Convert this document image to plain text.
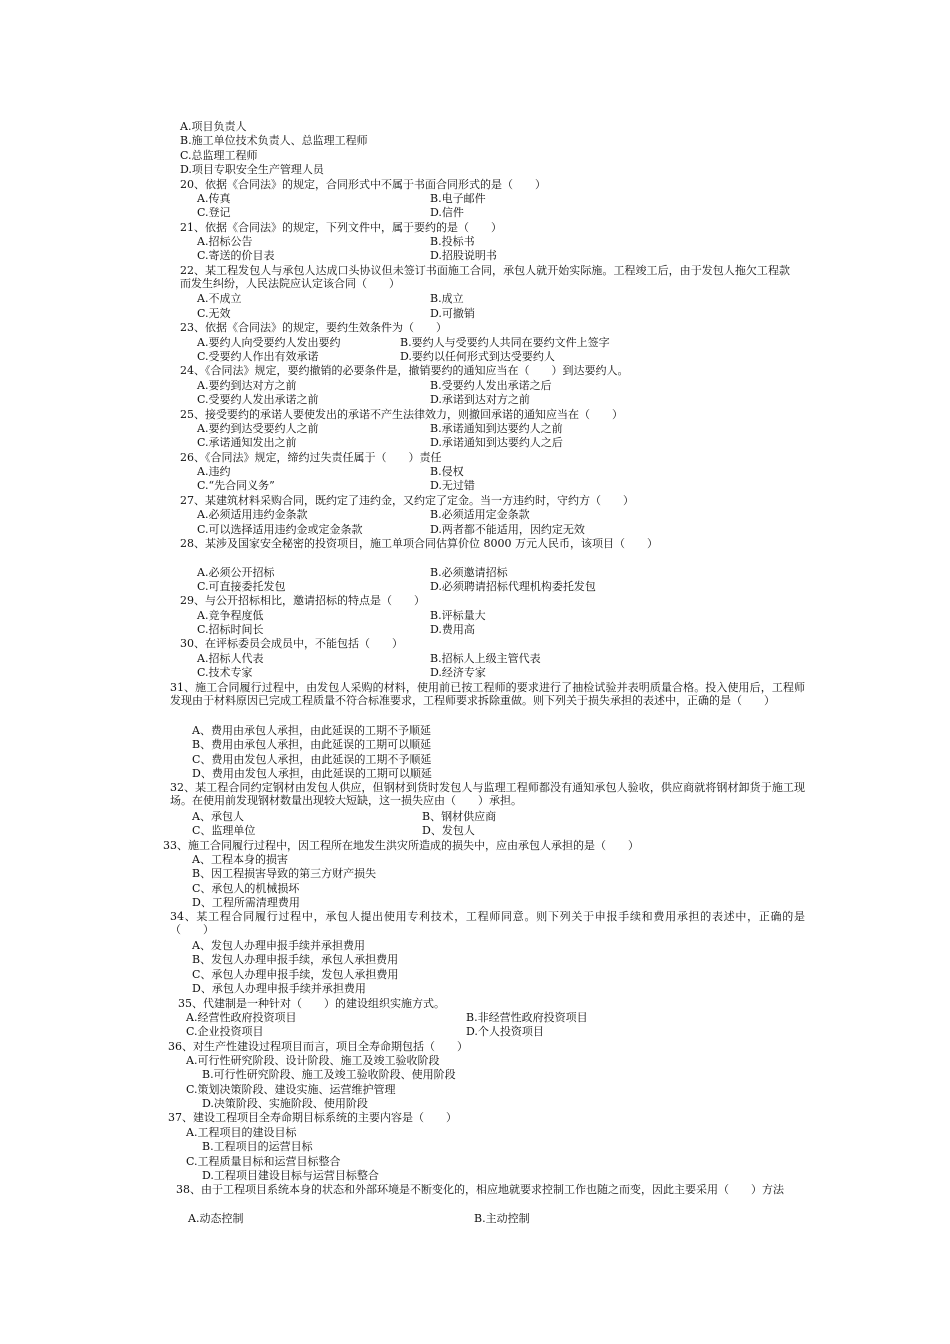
A.项目负责人
B.施工单位技术负责人、总监理工程师
C.总监理工程师
D.项目专职安全生产管理人员
20、依据《合同法》的规定，合同形式中不属于书面合同形式的是（　　）
A.传真	B.电子邮件
C.登记	D.信件
21、依据《合同法》的规定，下列文件中，属于要约的是（　　）
A.招标公告	B.投标书
C.寄送的价目表	D.招股说明书
22、某工程发包人与承包人达成口头协议但未签订书面施工合同，承包人就开始实际施。工程竣工后，由于发包人拖欠工程款而发生纠纷，人民法院应认定该合同（　　）
A.不成立	B.成立
C.无效	D.可撤销
23、依据《合同法》的规定，要约生效条件为（　　）
A.要约人向受要约人发出要约	B.要约人与受要约人共同在要约文件上签字
C.受要约人作出有效承诺	D.要约以任何形式到达受要约人
24、《合同法》规定，要约撤销的必要条件是，撤销要约的通知应当在（　　）到达要约人。
A.要约到达对方之前	B.受要约人发出承诺之后
C.受要约人发出承诺之前	D.承诺到达对方之前
25、接受要约的承诺人要使发出的承诺不产生法律效力，则撤回承诺的通知应当在（　　）
A.要约到达受要约人之前	B.承诺通知到达要约人之前
C.承诺通知发出之前	D.承诺通知到达要约人之后
26、《合同法》规定，缔约过失责任属于（　　）责任
A.违约	B.侵权
C.“先合同义务”	D.无过错
27、某建筑材料采购合同，既约定了违约金，又约定了定金。当一方违约时，守约方（　　）
A.必须适用违约金条款	B.必须适用定金条款
C.可以选择适用违约金或定金条款	D.两者都不能适用，因约定无效
28、某涉及国家安全秘密的投资项目，施工单项合同估算价位 8000 万元人民币，该项目（　　）
A.必须公开招标	B.必须邀请招标
C.可直接委托发包	D.必须聘请招标代理机构委托发包
29、与公开招标相比，邀请招标的特点是（　　）
A.竞争程度低	B.评标量大
C.招标时间长	D.费用高
30、在评标委员会成员中，不能包括（　　）
A.招标人代表	B.招标人上级主管代表
C.技术专家	D.经济专家
31、施工合同履行过程中，由发包人采购的材料，使用前已按工程师的要求进行了抽检试验并表明质量合格。投入使用后，工程师发现由于材料原因已完成工程质量不符合标准要求，工程师要求拆除重做。则下列关于损失承担的表述中，正确的是（　　）
A、费用由承包人承担，由此延误的工期不予顺延
B、费用由承包人承担，由此延误的工期可以顺延
C、费用由发包人承担，由此延误的工期不予顺延
D、费用由发包人承担，由此延误的工期可以顺延
32、某工程合同约定钢材由发包人供应，但钢材到货时发包人与监理工程师都没有通知承包人验收，供应商就将钢材卸货于施工现场。在使用前发现钢材数量出现较大短缺，这一损失应由（　　）承担。
A、承包人	B、钢材供应商
C、监理单位	D、发包人
33、施工合同履行过程中，因工程所在地发生洪灾所造成的损失中，应由承包人承担的是（　　）
A、工程本身的损害
B、因工程损害导致的第三方财产损失
C、承包人的机械损坏
D、工程所需清理费用
34、某工程合同履行过程中，承包人提出使用专利技术，工程师同意。则下列关于申报手续和费用承担的表述中，正确的是（　　）
A、发包人办理申报手续并承担费用
B、发包人办理申报手续，承包人承担费用
C、承包人办理申报手续，发包人承担费用
D、承包人办理申报手续并承担费用
35、代建制是一种针对（　　）的建设组织实施方式。
A.经营性政府投资项目	B.非经营性政府投资项目
C.企业投资项目	D.个人投资项目
36、对生产性建设过程项目而言，项目全寿命期包括（　　）
A.可行性研究阶段、设计阶段、施工及竣工验收阶段
B.可行性研究阶段、施工及竣工验收阶段、使用阶段
C.策划决策阶段、建设实施、运营维护管理
D.决策阶段、实施阶段、使用阶段
37、建设工程项目全寿命期目标系统的主要内容是（　　）
A.工程项目的建设目标
B.工程项目的运营目标
C.工程质量目标和运营目标整合
D.工程项目建设目标与运营目标整合
38、由于工程项目系统本身的状态和外部环境是不断变化的，相应地就要求控制工作也随之而变，因此主要采用（　　）方法
A.动态控制	B.主动控制
